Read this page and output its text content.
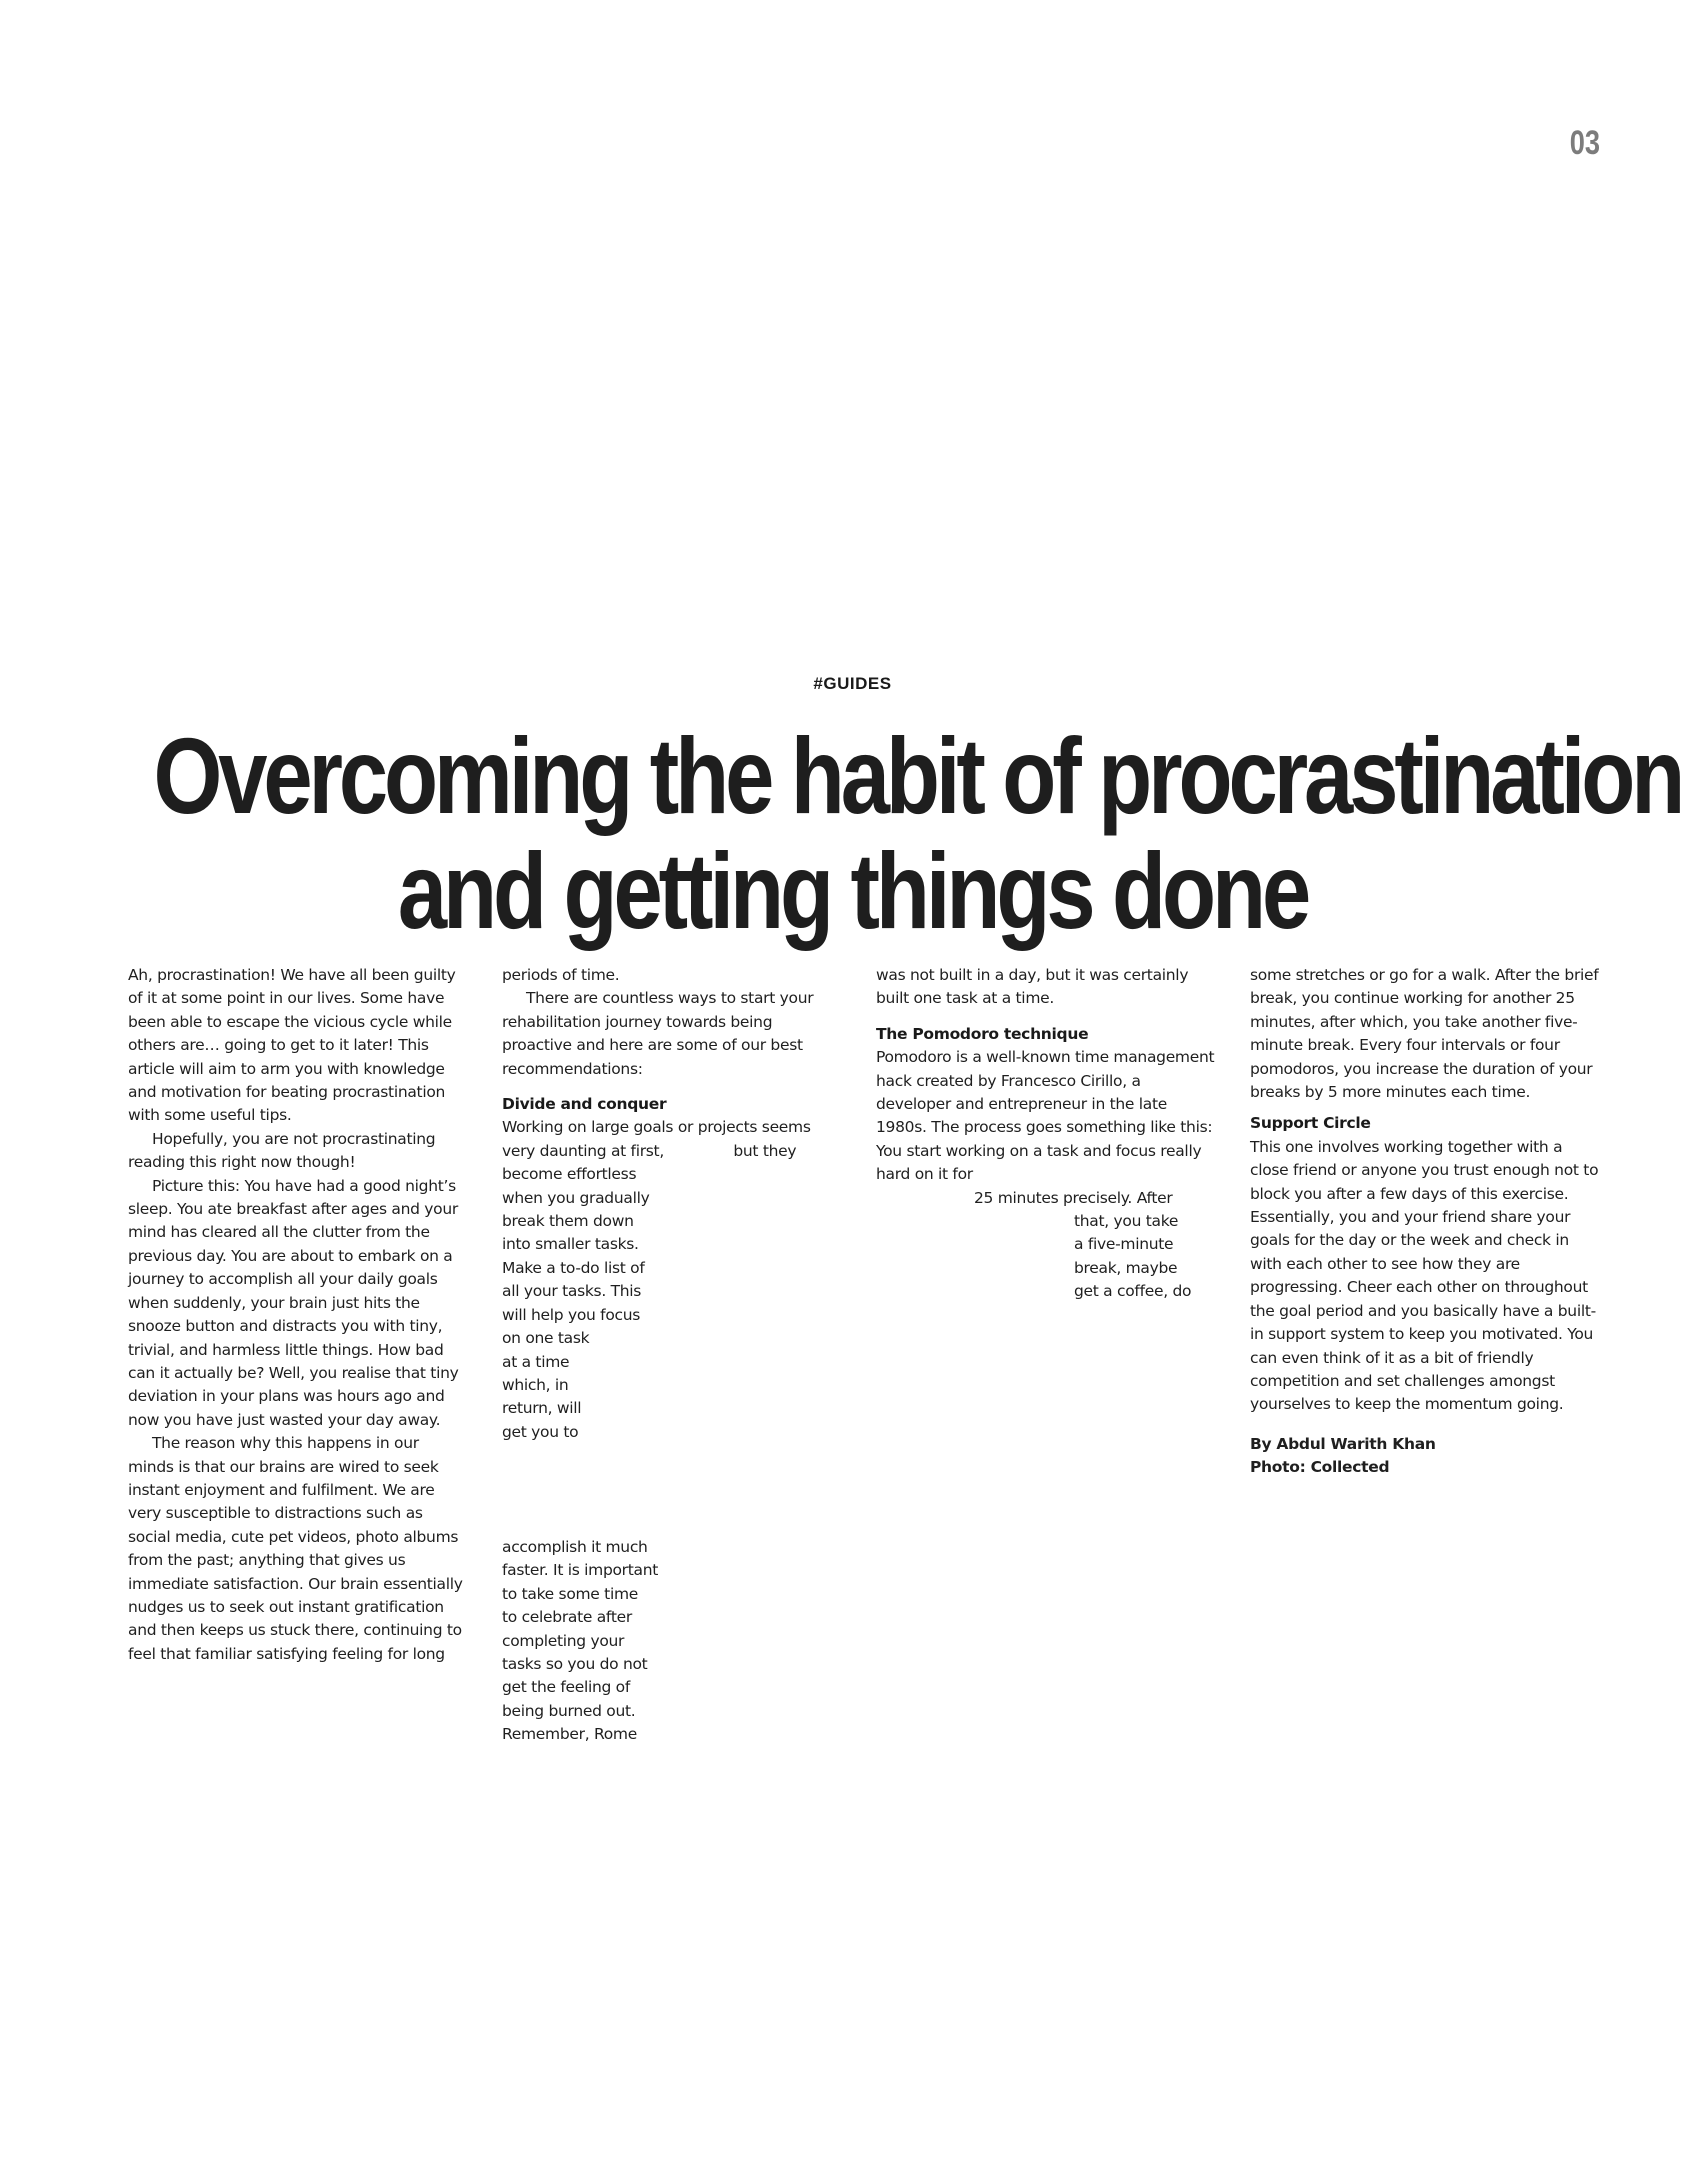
03
#GUIDES
Overcoming the habit of procrastination
and getting things done

Ah, procrastination! We have all been guilty of it at some point in our lives. Some have been able to escape the vicious cycle while others are… going to get to it later! This article will aim to arm you with knowledge and motivation for beating procrastination with some useful tips.

Hopefully, you are not procrastinating reading this right now though!

Picture this: You have had a good night’s sleep. You ate breakfast after ages and your mind has cleared all the clutter from the previous day. You are about to embark on a journey to accomplish all your daily goals when suddenly, your brain just hits the snooze button and distracts you with tiny, trivial, and harmless little things. How bad can it actually be? Well, you realise that tiny deviation in your plans was hours ago and now you have just wasted your day away.

The reason why this happens in our minds is that our brains are wired to seek instant enjoyment and fulfilment. We are very susceptible to distractions such as social media, cute pet videos, photo albums from the past; anything that gives us immediate satisfaction. Our brain essentially nudges us to seek out instant gratification and then keeps us stuck there, continuing to feel that familiar satisfying feeling for long

periods of time.

There are countless ways to start your rehabilitation journey towards being proactive and here are some of our best recommendations:

Divide and conquer
Working on large goals or projects seems
very daunting at first,               but they
become effortless
when you gradually
break them down
into smaller tasks.
Make a to-do list of
all your tasks. This
will help you focus
on one task
at a time
which, in
return, will
get you to
accomplish it much
faster. It is important
to take some time
to celebrate after
completing your
tasks so you do not
get the feeling of
being burned out.
Remember, Rome

was not built in a day, but it was certainly built one task at a time.

The Pomodoro technique

Pomodoro is a well-known time management hack created by Francesco Cirillo, a developer and entrepreneur in the late 1980s. The process goes something like this: You start working on a task and focus really hard on it for

25 minutes precisely. After
that, you take
a five-minute
break, maybe
get a coffee, do

some stretches or go for a walk. After the brief break, you continue working for another 25 minutes, after which, you take another five-minute break. Every four intervals or four pomodoros, you increase the duration of your breaks by 5 more minutes each time.

Support Circle

This one involves working together with a close friend or anyone you trust enough not to block you after a few days of this exercise. Essentially, you and your friend share your goals for the day or the week and check in with each other to see how they are progressing. Cheer each other on throughout the goal period and you basically have a built-in support system to keep you motivated. You can even think of it as a bit of friendly competition and set challenges amongst yourselves to keep the momentum going.

By Abdul Warith Khan

Photo: Collected
